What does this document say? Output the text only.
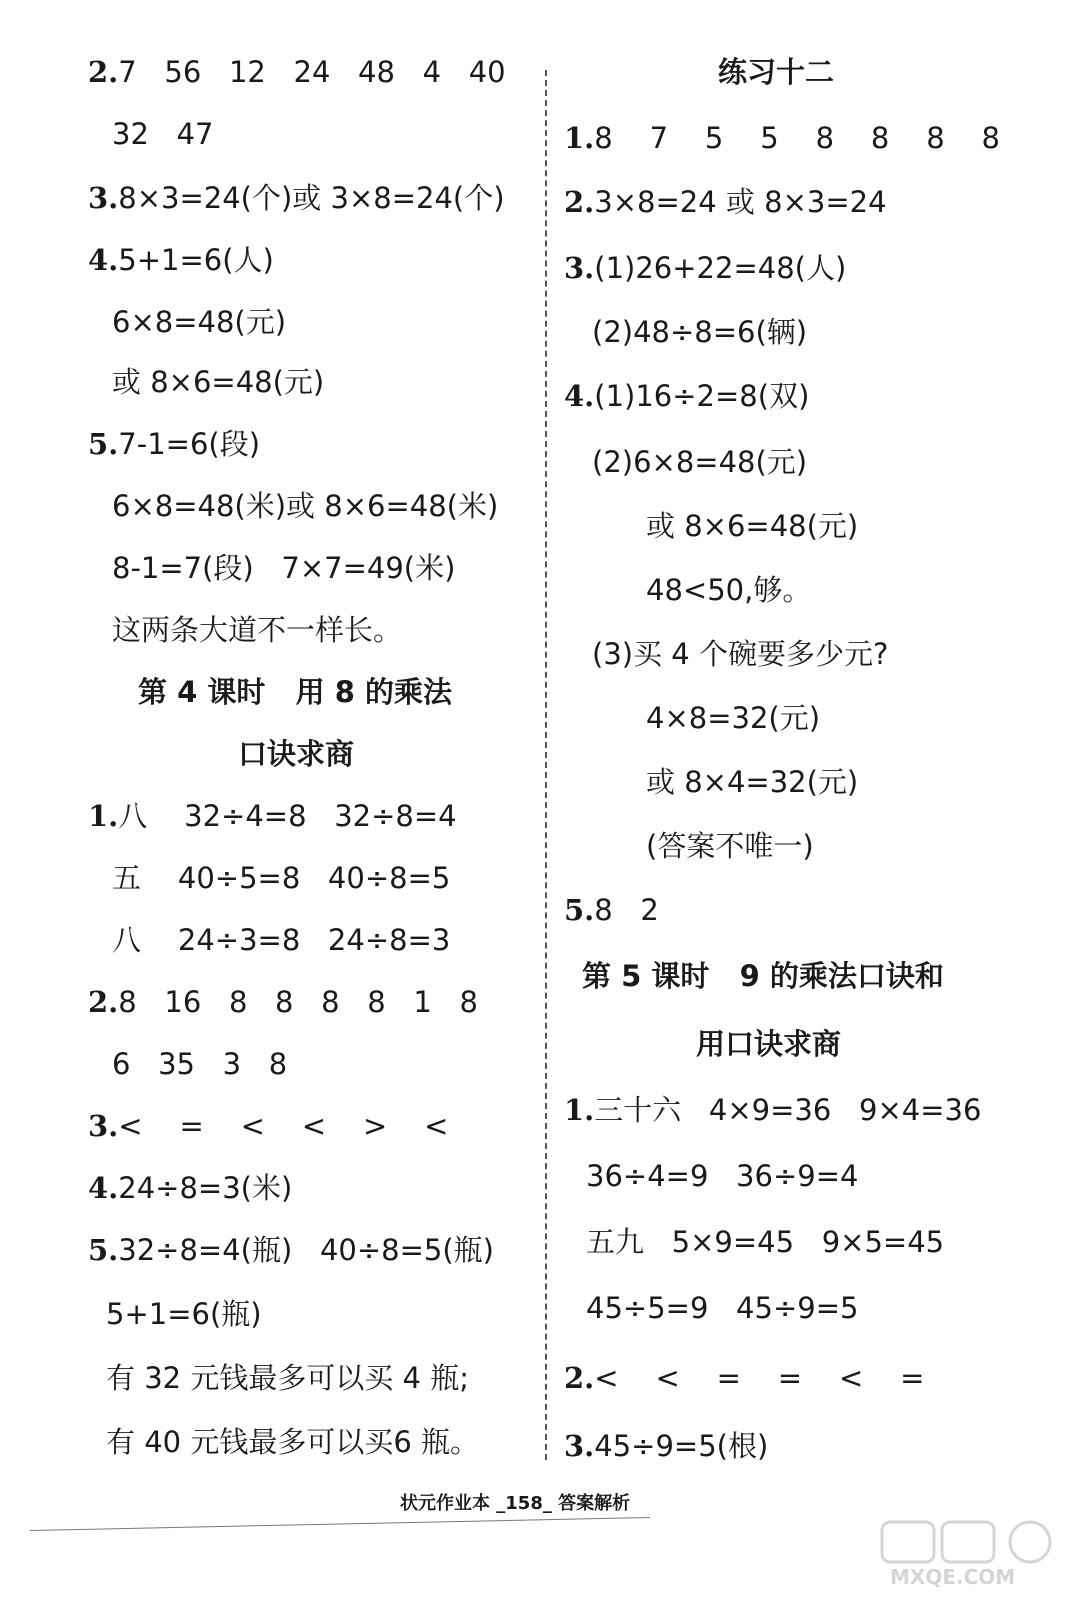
2.7   56   12   24   48   4   40
32   47
3.8×3=24(个)或 3×8=24(个)
4.5+1=6(人)
6×8=48(元)
或 8×6=48(元)
5.7-1=6(段)
6×8=48(米)或 8×6=48(米)
8-1=7(段)   7×7=49(米)
这两条大道不一样长。
第 4 课时   用 8 的乘法
口诀求商
1.八    32÷4=8   32÷8=4
五    40÷5=8   40÷8=5
八    24÷3=8   24÷8=3
2.8   16   8   8   8   8   1   8
6   35   3   8
3.<    =    <    <    >    <
4.24÷8=3(米)
5.32÷8=4(瓶)   40÷8=5(瓶)
5+1=6(瓶)
有 32 元钱最多可以买 4 瓶;
有 40 元钱最多可以买6 瓶。
练习十二
1.8    7    5    5    8    8    8    8
2.3×8=24 或 8×3=24
3.(1)26+22=48(人)
(2)48÷8=6(辆)
4.(1)16÷2=8(双)
(2)6×8=48(元)
或 8×6=48(元)
48<50,够。
(3)买 4 个碗要多少元?
4×8=32(元)
或 8×4=32(元)
(答案不唯一)
5.8   2
第 5 课时   9 的乘法口诀和
用口诀求商
1.三十六   4×9=36   9×4=36
36÷4=9   36÷9=4
五九   5×9=45   9×5=45
45÷5=9   45÷9=5
2.<    <    =    =    <    =
3.45÷9=5(根)
状元作业本 _158_ 答案解析
MXQE.COM
